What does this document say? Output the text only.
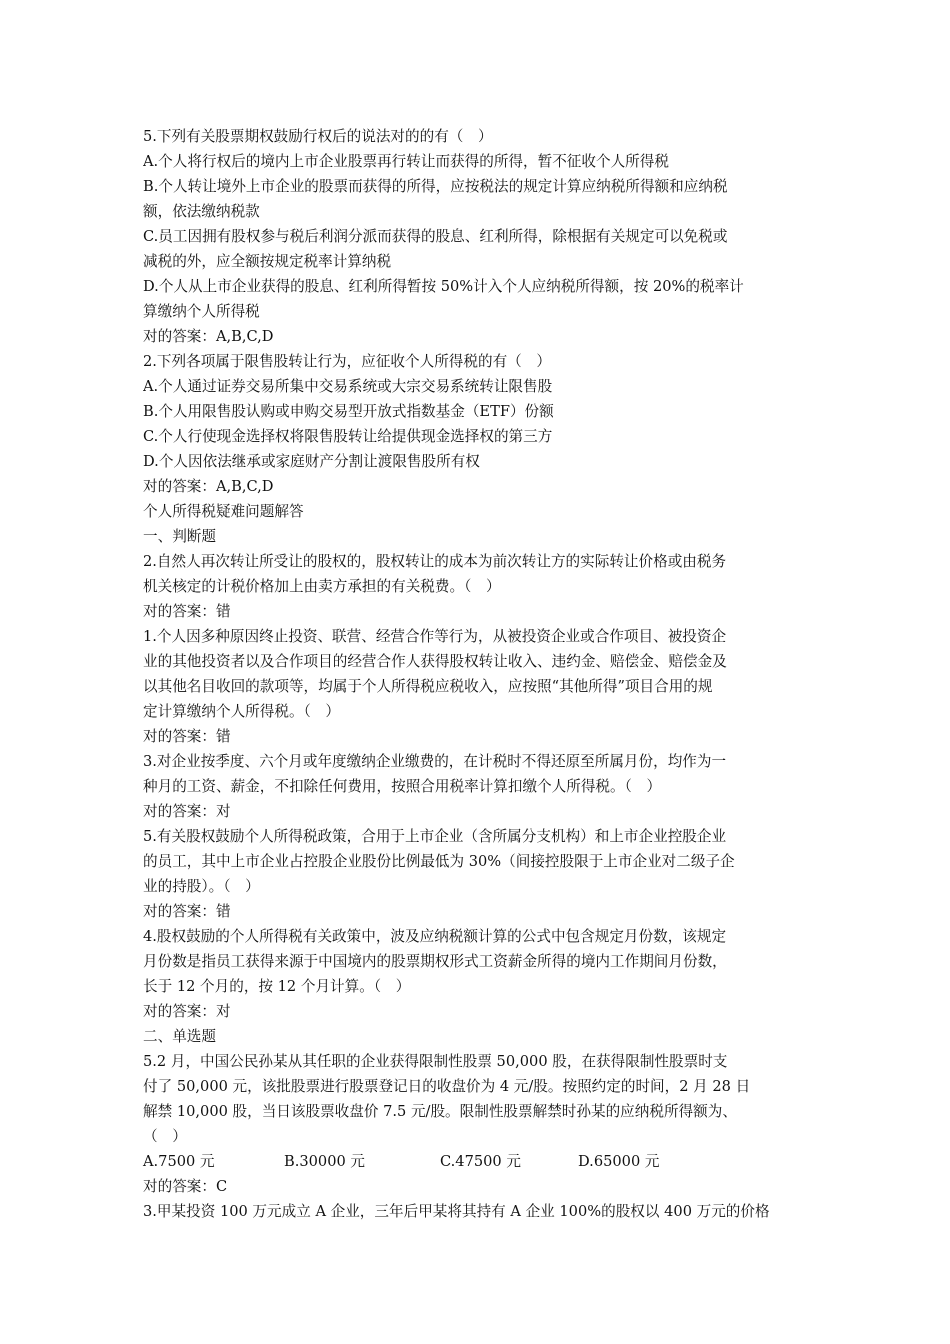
5.下列有关股票期权鼓励行权后的说法对的的有（　）
A.个人将行权后的境内上市企业股票再行转让而获得的所得，暂不征收个人所得税
B.个人转让境外上市企业的股票而获得的所得，应按税法的规定计算应纳税所得额和应纳税
额，依法缴纳税款
C.员工因拥有股权参与税后利润分派而获得的股息、红利所得，除根据有关规定可以免税或
减税的外，应全额按规定税率计算纳税
D.个人从上市企业获得的股息、红利所得暂按 50%计入个人应纳税所得额，按 20%的税率计
算缴纳个人所得税
对的答案：A,B,C,D
2.下列各项属于限售股转让行为，应征收个人所得税的有（　）
A.个人通过证券交易所集中交易系统或大宗交易系统转让限售股
B.个人用限售股认购或申购交易型开放式指数基金（ETF）份额
C.个人行使现金选择权将限售股转让给提供现金选择权的第三方
D.个人因依法继承或家庭财产分割让渡限售股所有权
对的答案：A,B,C,D
个人所得税疑难问题解答
一、判断题
2.自然人再次转让所受让的股权的，股权转让的成本为前次转让方的实际转让价格或由税务
机关核定的计税价格加上由卖方承担的有关税费。（　）
对的答案：错
1.个人因多种原因终止投资、联营、经营合作等行为，从被投资企业或合作项目、被投资企
业的其他投资者以及合作项目的经营合作人获得股权转让收入、违约金、赔偿金、赔偿金及
以其他名目收回的款项等，均属于个人所得税应税收入，应按照“其他所得”项目合用的规
定计算缴纳个人所得税。（　）
对的答案：错
3.对企业按季度、六个月或年度缴纳企业缴费的，在计税时不得还原至所属月份，均作为一
种月的工资、薪金，不扣除任何费用，按照合用税率计算扣缴个人所得税。（　）
对的答案：对
5.有关股权鼓励个人所得税政策，合用于上市企业（含所属分支机构）和上市企业控股企业
的员工，其中上市企业占控股企业股份比例最低为 30%（间接控股限于上市企业对二级子企
业的持股）。（　）
对的答案：错
4.股权鼓励的个人所得税有关政策中，波及应纳税额计算的公式中包含规定月份数，该规定
月份数是指员工获得来源于中国境内的股票期权形式工资薪金所得的境内工作期间月份数，
长于 12 个月的，按 12 个月计算。（　）
对的答案：对
二、单选题
5.2 月，中国公民孙某从其任职的企业获得限制性股票 50,000 股，在获得限制性股票时支
付了 50,000 元，该批股票进行股票登记日的收盘价为 4 元/股。按照约定的时间，2 月 28 日
解禁 10,000 股，当日该股票收盘价 7.5 元/股。限制性股票解禁时孙某的应纳税所得额为、
（　）
A.7500 元	B.30000 元	C.47500 元	D.65000 元
对的答案：C
3.甲某投资 100 万元成立 A 企业，三年后甲某将其持有 A 企业 100%的股权以 400 万元的价格
